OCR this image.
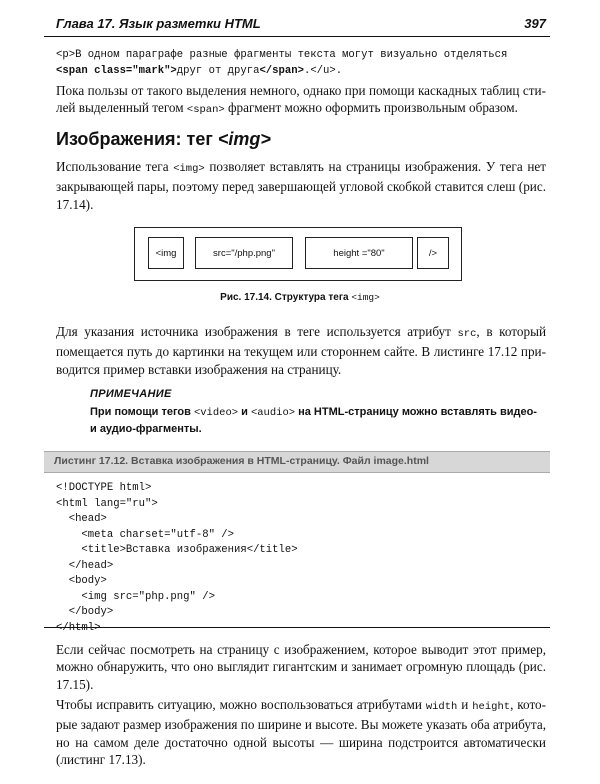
Глава 17. Язык разметки HTML	397
<p>В одном параграфе разные фрагменты текста могут визуально отделяться
<span class="mark">друг от друга</span>.</u>.
Пока пользы от такого выделения немного, однако при помощи каскадных таблиц сти-лей выделенный тегом <span> фрагмент можно оформить произвольным образом.
Изображения: тег <img>
Использование тега <img> позволяет вставлять на страницы изображения. У тега нет закрывающей пары, поэтому перед завершающей угловой скобкой ставится слеш (рис. 17.14).
<img	src="/php.png"	height ="80"	/>
Рис. 17.14. Структура тега <img>
Для указания источника изображения в теге используется атрибут src, в который помещается путь до картинки на текущем или стороннем сайте. В листинге 17.12 при-водится пример вставки изображения на страницу.
ПРИМЕЧАНИЕ
При помощи тегов <video> и <audio> на HTML-страницу можно вставлять видео- и аудио-фрагменты.
Листинг 17.12. Вставка изображения в HTML-страницу. Файл image.html
<!DOCTYPE html>
<html lang="ru">
<head>
<meta charset="utf-8" />
<title>Вставка изображения</title>
</head>
<body>
<img src="php.png" />
</body>
</html>
Если сейчас посмотреть на страницу с изображением, которое выводит этот пример, можно обнаружить, что оно выглядит гигантским и занимает огромную площадь (рис. 17.15).
Чтобы исправить ситуацию, можно воспользоваться атрибутами width и height, кото-рые задают размер изображения по ширине и высоте. Вы можете указать оба атрибута, но на самом деле достаточно одной высоты — ширина подстроится автоматически (листинг 17.13).
